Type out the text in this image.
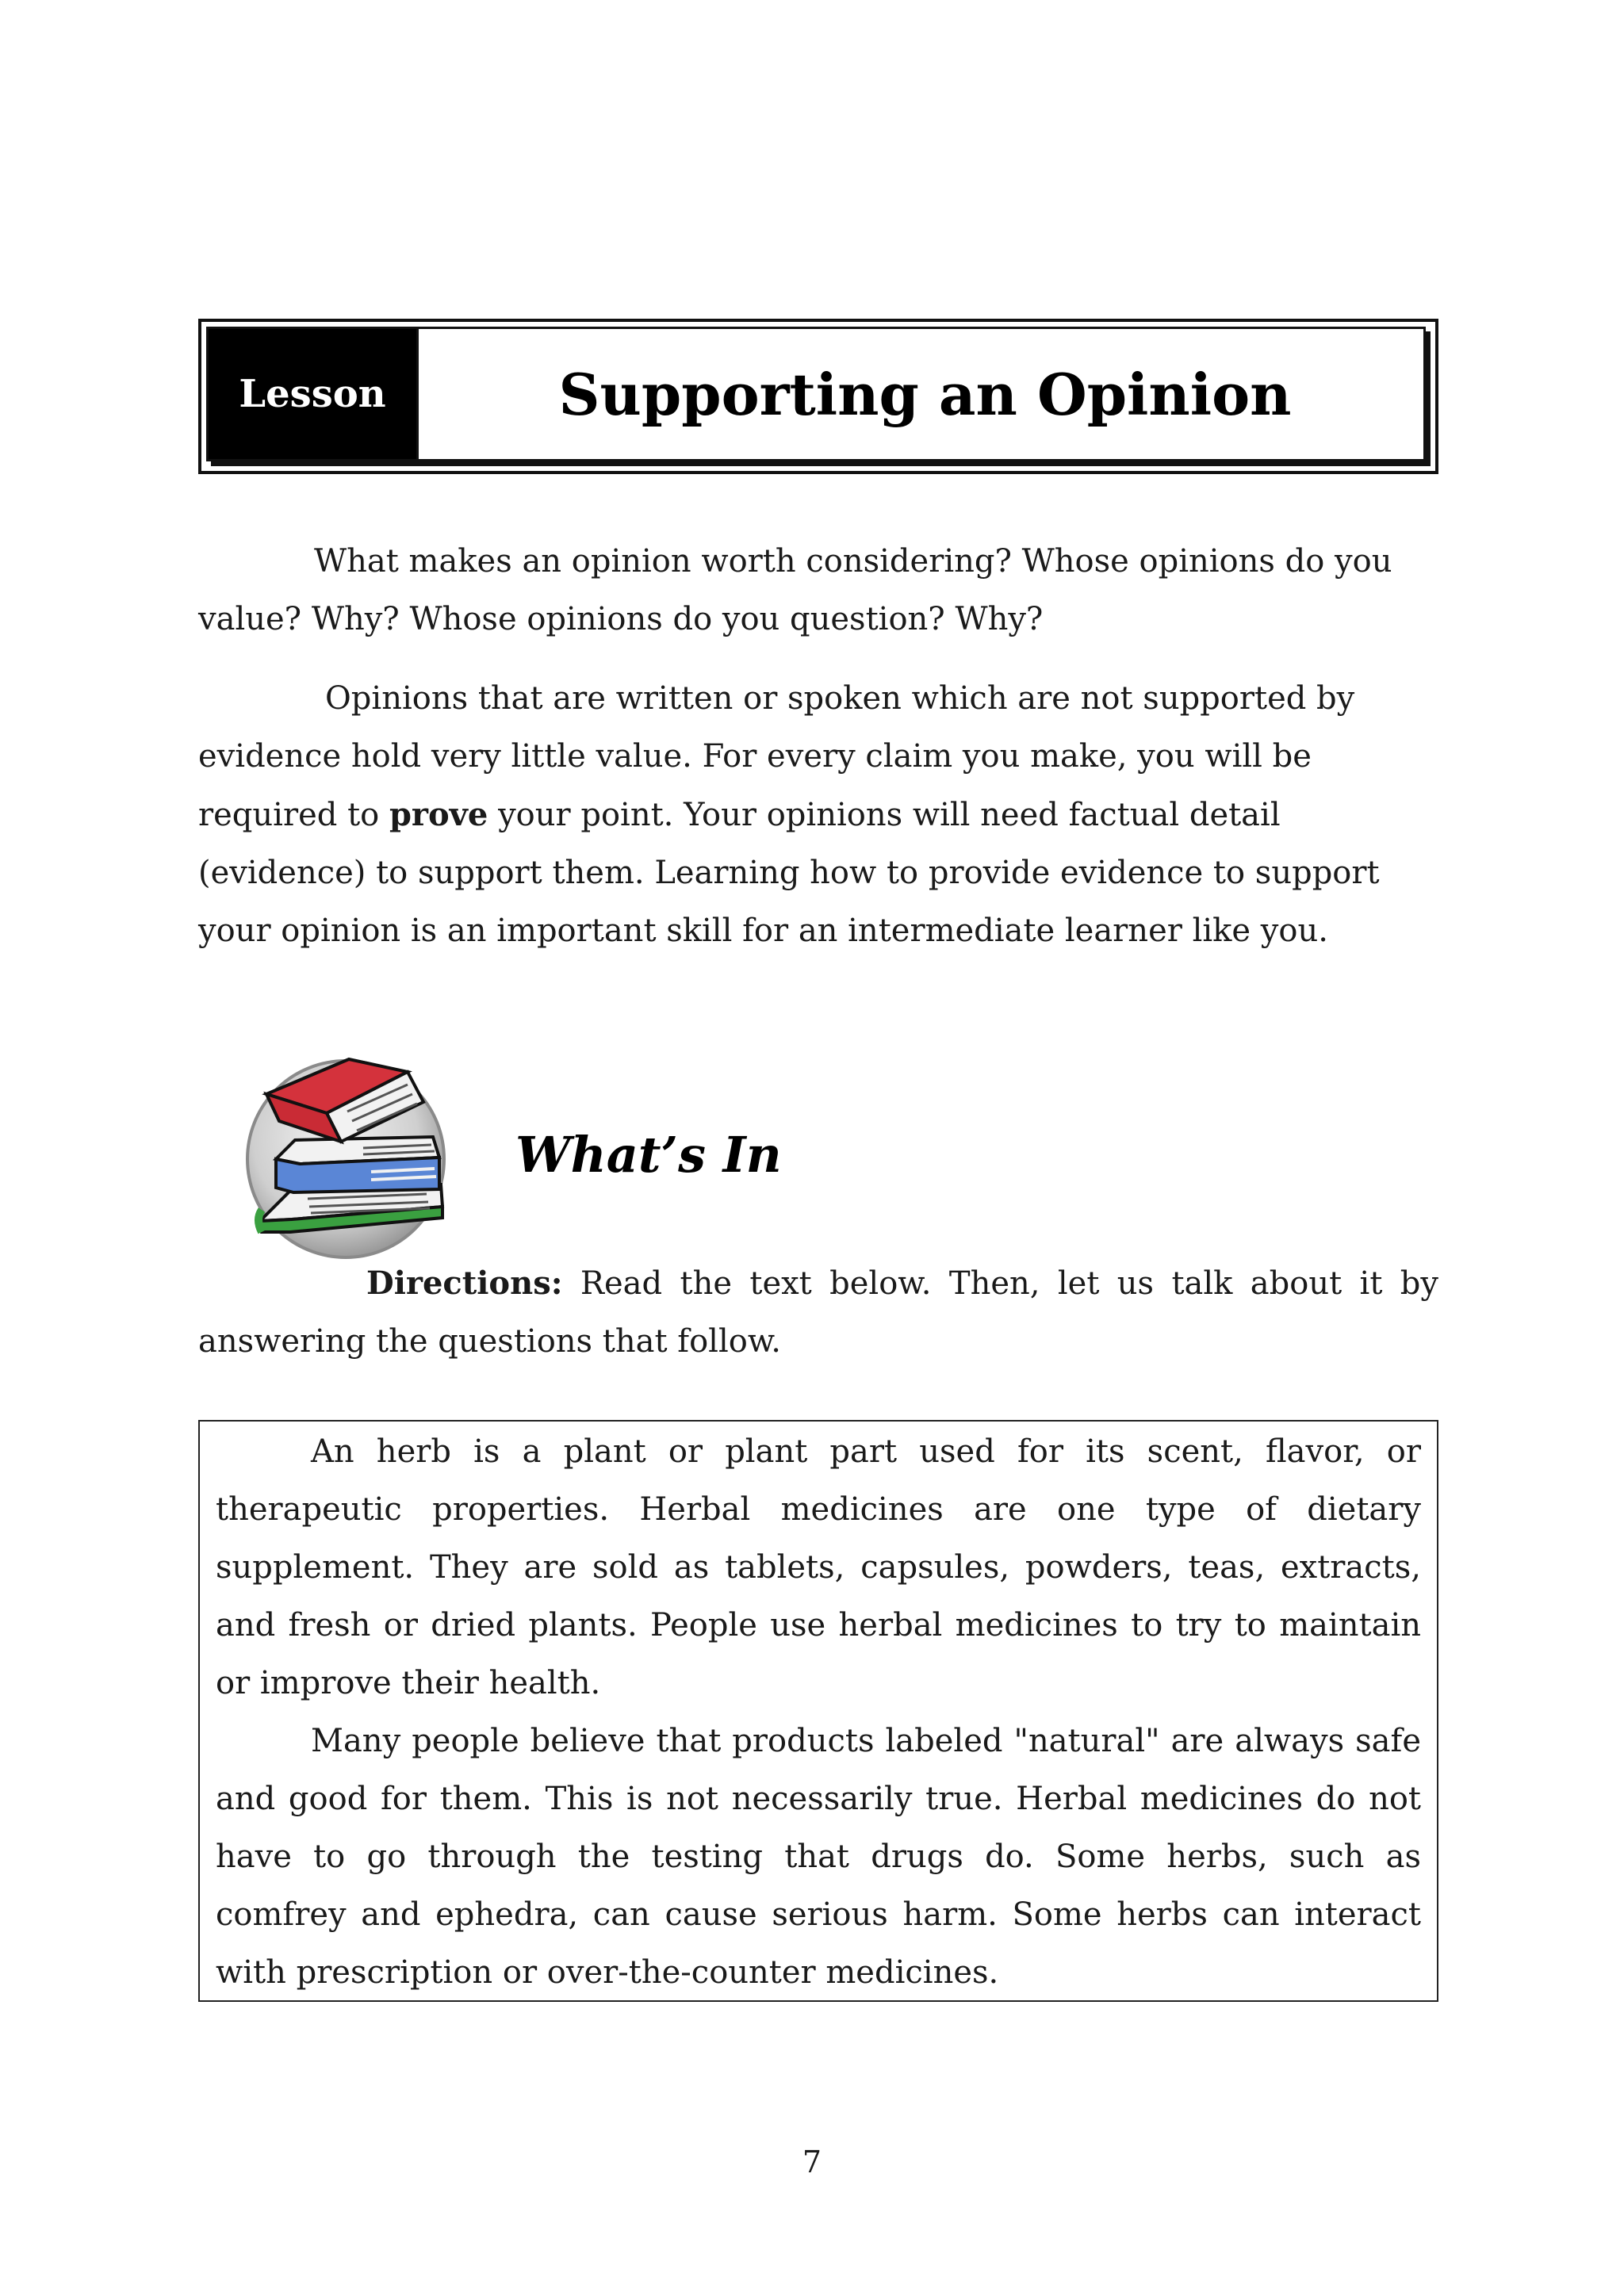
Lesson	Supporting an Opinion

What makes an opinion worth considering? Whose opinions do you value? Why? Whose opinions do you question? Why?

Opinions that are written or spoken which are not supported by evidence hold very little value. For every claim you make, you will be required to prove your point. Your opinions will need factual detail (evidence) to support them. Learning how to provide evidence to support your opinion is an important skill for an intermediate learner like you.

What’s In

Directions: Read the text below. Then, let us talk about it by answering the questions that follow.

An herb is a plant or plant part used for its scent, flavor, or therapeutic properties. Herbal medicines are one type of dietary supplement. They are sold as tablets, capsules, powders, teas, extracts, and fresh or dried plants. People use herbal medicines to try to maintain or improve their health.

Many people believe that products labeled "natural" are always safe and good for them. This is not necessarily true. Herbal medicines do not have to go through the testing that drugs do. Some herbs, such as comfrey and ephedra, can cause serious harm. Some herbs can interact with prescription or over-the-counter medicines.

7
